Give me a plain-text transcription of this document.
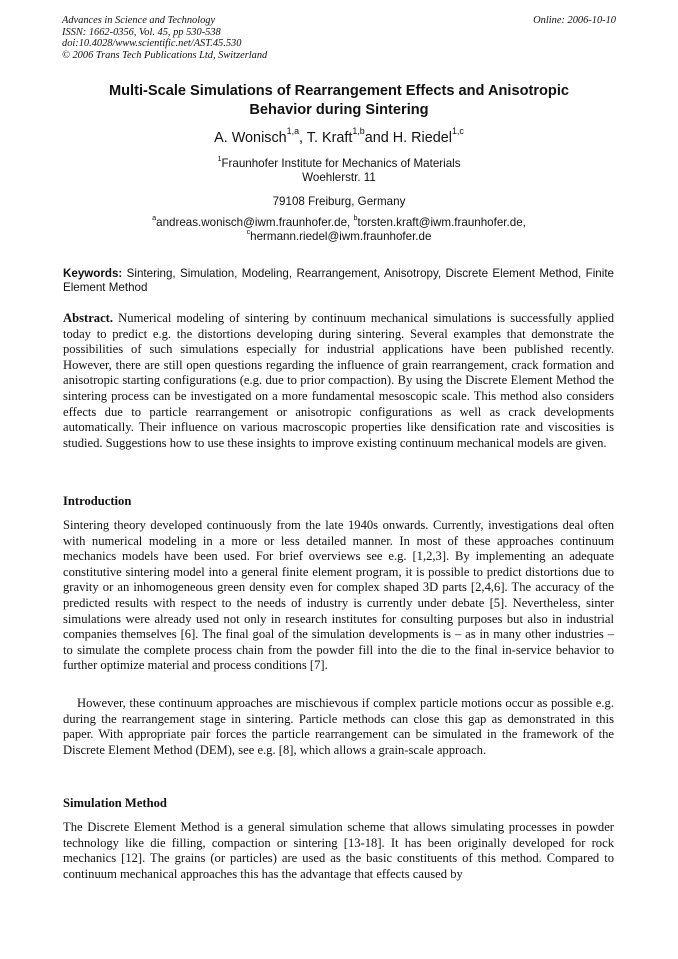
Advances in Science and Technology
ISSN: 1662-0356, Vol. 45, pp 530-538
doi:10.4028/www.scientific.net/AST.45.530
© 2006 Trans Tech Publications Ltd, Switzerland
Online: 2006-10-10
Multi-Scale Simulations of Rearrangement Effects and Anisotropic
Behavior during Sintering
A. Wonisch$^{1,a}$, T. Kraft$^{1,b}$and H. Riedel$^{1,c}$
$^1$Fraunhofer Institute for Mechanics of Materials
Woehlerstr. 11
79108 Freiburg, Germany
$^a$andreas.wonisch@iwm.fraunhofer.de, $^b$torsten.kraft@iwm.fraunhofer.de,
$^c$hermann.riedel@iwm.fraunhofer.de
Keywords: Sintering, Simulation, Modeling, Rearrangement, Anisotropy, Discrete Element Method, Finite Element Method
Abstract. Numerical modeling of sintering by continuum mechanical simulations is successfully applied today to predict e.g. the distortions developing during sintering. Several examples that demonstrate the possibilities of such simulations especially for industrial applications have been published recently. However, there are still open questions regarding the influence of grain rearrangement, crack formation and anisotropic starting configurations (e.g. due to prior compaction). By using the Discrete Element Method the sintering process can be investigated on a more fundamental mesoscopic scale. This method also considers effects due to particle rearrangement or anisotropic configurations as well as crack developments automatically. Their influence on various macroscopic properties like densification rate and viscosities is studied. Suggestions how to use these insights to improve existing continuum mechanical models are given.
Introduction
Sintering theory developed continuously from the late 1940s onwards. Currently, investigations deal often with numerical modeling in a more or less detailed manner. In most of these approaches continuum mechanics models have been used. For brief overviews see e.g. [1,2,3]. By implementing an adequate constitutive sintering model into a general finite element program, it is possible to predict distortions due to gravity or an inhomogeneous green density even for complex shaped 3D parts [2,4,6]. The accuracy of the predicted results with respect to the needs of industry is currently under debate [5]. Nevertheless, sinter simulations were already used not only in research institutes for consulting purposes but also in industrial companies themselves [6]. The final goal of the simulation developments is – as in many other industries – to simulate the complete process chain from the powder fill into the die to the final in-service behavior to further optimize material and process conditions [7].
However, these continuum approaches are mischievous if complex particle motions occur as possible e.g. during the rearrangement stage in sintering. Particle methods can close this gap as demonstrated in this paper. With appropriate pair forces the particle rearrangement can be simulated in the framework of the Discrete Element Method (DEM), see e.g. [8], which allows a grain-scale approach.
Simulation Method
The Discrete Element Method is a general simulation scheme that allows simulating processes in powder technology like die filling, compaction or sintering [13-18]. It has been originally developed for rock mechanics [12]. The grains (or particles) are used as the basic constituents of this method. Compared to continuum mechanical approaches this has the advantage that effects caused by
